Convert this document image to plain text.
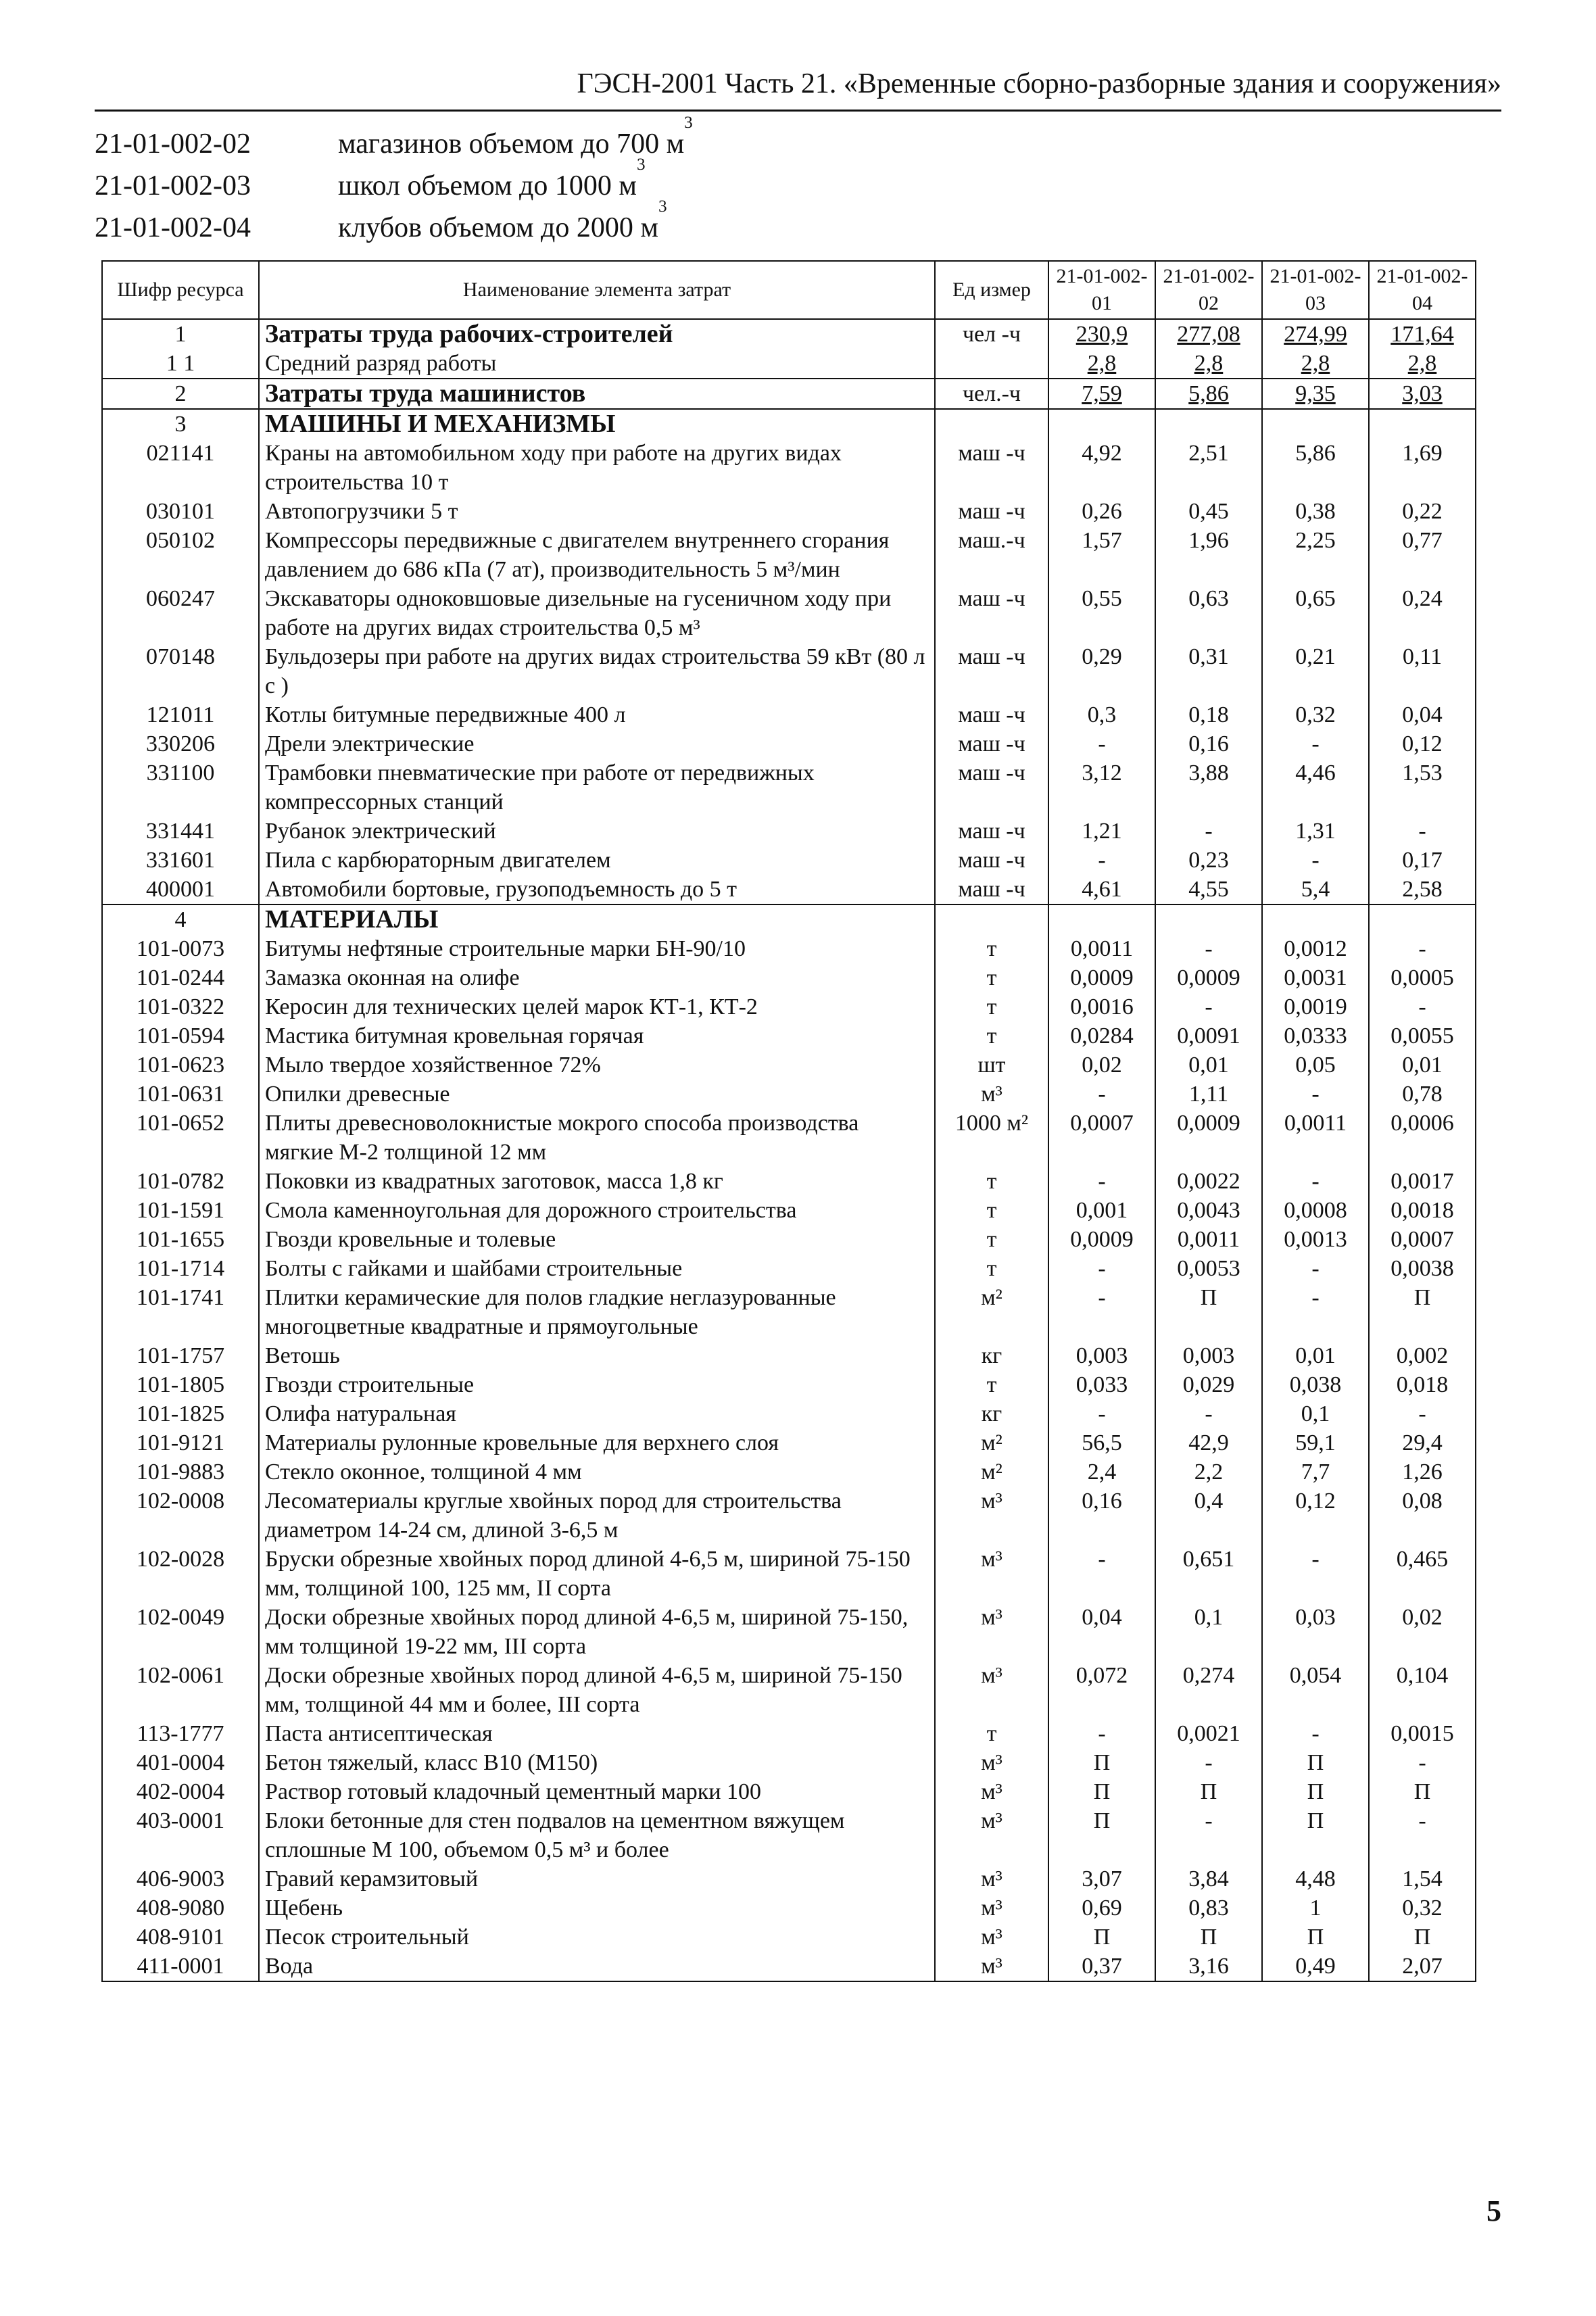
ГЭСН-2001 Часть 21. «Временные сборно-разборные здания и сооружения»
21-01-002-02	магазинов объемом до 700 м
3
21-01-002-03	школ объемом до 1000 м
3
21-01-002-04	клубов объемом до 2000 м
3
Шифр ресурса	Наименование элемента затрат	Ед измер	21-01-002-01	21-01-002-02	21-01-002-03	21-01-002-04
1	Затраты труда рабочих-строителей	чел -ч	230,9	277,08	274,99	171,64
1 1	Средний разряд работы		2,8	2,8	2,8	2,8
2	Затраты труда машинистов	чел.-ч	7,59	5,86	9,35	3,03
3	МАШИНЫ И МЕХАНИЗМЫ					
021141	Краны на автомобильном ходу при работе на других видах строительства 10 т	маш -ч	4,92	2,51	5,86	1,69
030101	Автопогрузчики 5 т	маш -ч	0,26	0,45	0,38	0,22
050102	Компрессоры передвижные с двигателем внутреннего сгорания давлением до 686 кПа (7 ат), производительность 5 м³/мин	маш.-ч	1,57	1,96	2,25	0,77
060247	Экскаваторы одноковшовые дизельные на гусеничном ходу при работе на других видах строительства 0,5 м³	маш -ч	0,55	0,63	0,65	0,24
070148	Бульдозеры при работе на других видах строительства 59 кВт (80 л с )	маш -ч	0,29	0,31	0,21	0,11
121011	Котлы битумные передвижные 400 л	маш -ч	0,3	0,18	0,32	0,04
330206	Дрели электрические	маш -ч	-	0,16	-	0,12
331100	Трамбовки пневматические при работе от передвижных компрессорных станций	маш -ч	3,12	3,88	4,46	1,53
331441	Рубанок электрический	маш -ч	1,21	-	1,31	-
331601	Пила с карбюраторным двигателем	маш -ч	-	0,23	-	0,17
400001	Автомобили бортовые, грузоподъемность до 5 т	маш -ч	4,61	4,55	5,4	2,58
4	МАТЕРИАЛЫ					
101-0073	Битумы нефтяные строительные марки БН-90/10	т	0,0011	-	0,0012	-
101-0244	Замазка оконная на олифе	т	0,0009	0,0009	0,0031	0,0005
101-0322	Керосин для технических целей марок КТ-1, КТ-2	т	0,0016	-	0,0019	-
101-0594	Мастика битумная кровельная горячая	т	0,0284	0,0091	0,0333	0,0055
101-0623	Мыло твердое хозяйственное 72%	шт	0,02	0,01	0,05	0,01
101-0631	Опилки древесные	м³	-	1,11	-	0,78
101-0652	Плиты древесноволокнистые мокрого способа производства мягкие М-2 толщиной 12 мм	1000 м²	0,0007	0,0009	0,0011	0,0006
101-0782	Поковки из квадратных заготовок, масса 1,8 кг	т	-	0,0022	-	0,0017
101-1591	Смола каменноугольная для дорожного строительства	т	0,001	0,0043	0,0008	0,0018
101-1655	Гвозди кровельные и толевые	т	0,0009	0,0011	0,0013	0,0007
101-1714	Болты с гайками и шайбами строительные	т	-	0,0053	-	0,0038
101-1741	Плитки керамические для полов гладкие неглазурованные многоцветные квадратные и прямоугольные	м²	-	П	-	П
101-1757	Ветошь	кг	0,003	0,003	0,01	0,002
101-1805	Гвозди строительные	т	0,033	0,029	0,038	0,018
101-1825	Олифа натуральная	кг	-	-	0,1	-
101-9121	Материалы рулонные кровельные для верхнего слоя	м²	56,5	42,9	59,1	29,4
101-9883	Стекло оконное, толщиной 4 мм	м²	2,4	2,2	7,7	1,26
102-0008	Лесоматериалы круглые хвойных пород для строительства диаметром 14-24 см, длиной 3-6,5 м	м³	0,16	0,4	0,12	0,08
102-0028	Бруски обрезные хвойных пород длиной 4-6,5 м, шириной 75-150 мм, толщиной 100, 125 мм, II сорта	м³	-	0,651	-	0,465
102-0049	Доски обрезные хвойных пород длиной 4-6,5 м, шириной 75-150, мм толщиной 19-22 мм, III сорта	м³	0,04	0,1	0,03	0,02
102-0061	Доски обрезные хвойных пород длиной 4-6,5 м, шириной 75-150 мм, толщиной 44 мм и более, III сорта	м³	0,072	0,274	0,054	0,104
113-1777	Паста антисептическая	т	-	0,0021	-	0,0015
401-0004	Бетон тяжелый, класс В10 (М150)	м³	П	-	П	-
402-0004	Раствор готовый кладочный цементный марки 100	м³	П	П	П	П
403-0001	Блоки бетонные для стен подвалов на цементном вяжущем сплошные М 100, объемом 0,5 м³ и более	м³	П	-	П	-
406-9003	Гравий керамзитовый	м³	3,07	3,84	4,48	1,54
408-9080	Щебень	м³	0,69	0,83	1	0,32
408-9101	Песок строительный	м³	П	П	П	П
411-0001	Вода	м³	0,37	3,16	0,49	2,07
5
